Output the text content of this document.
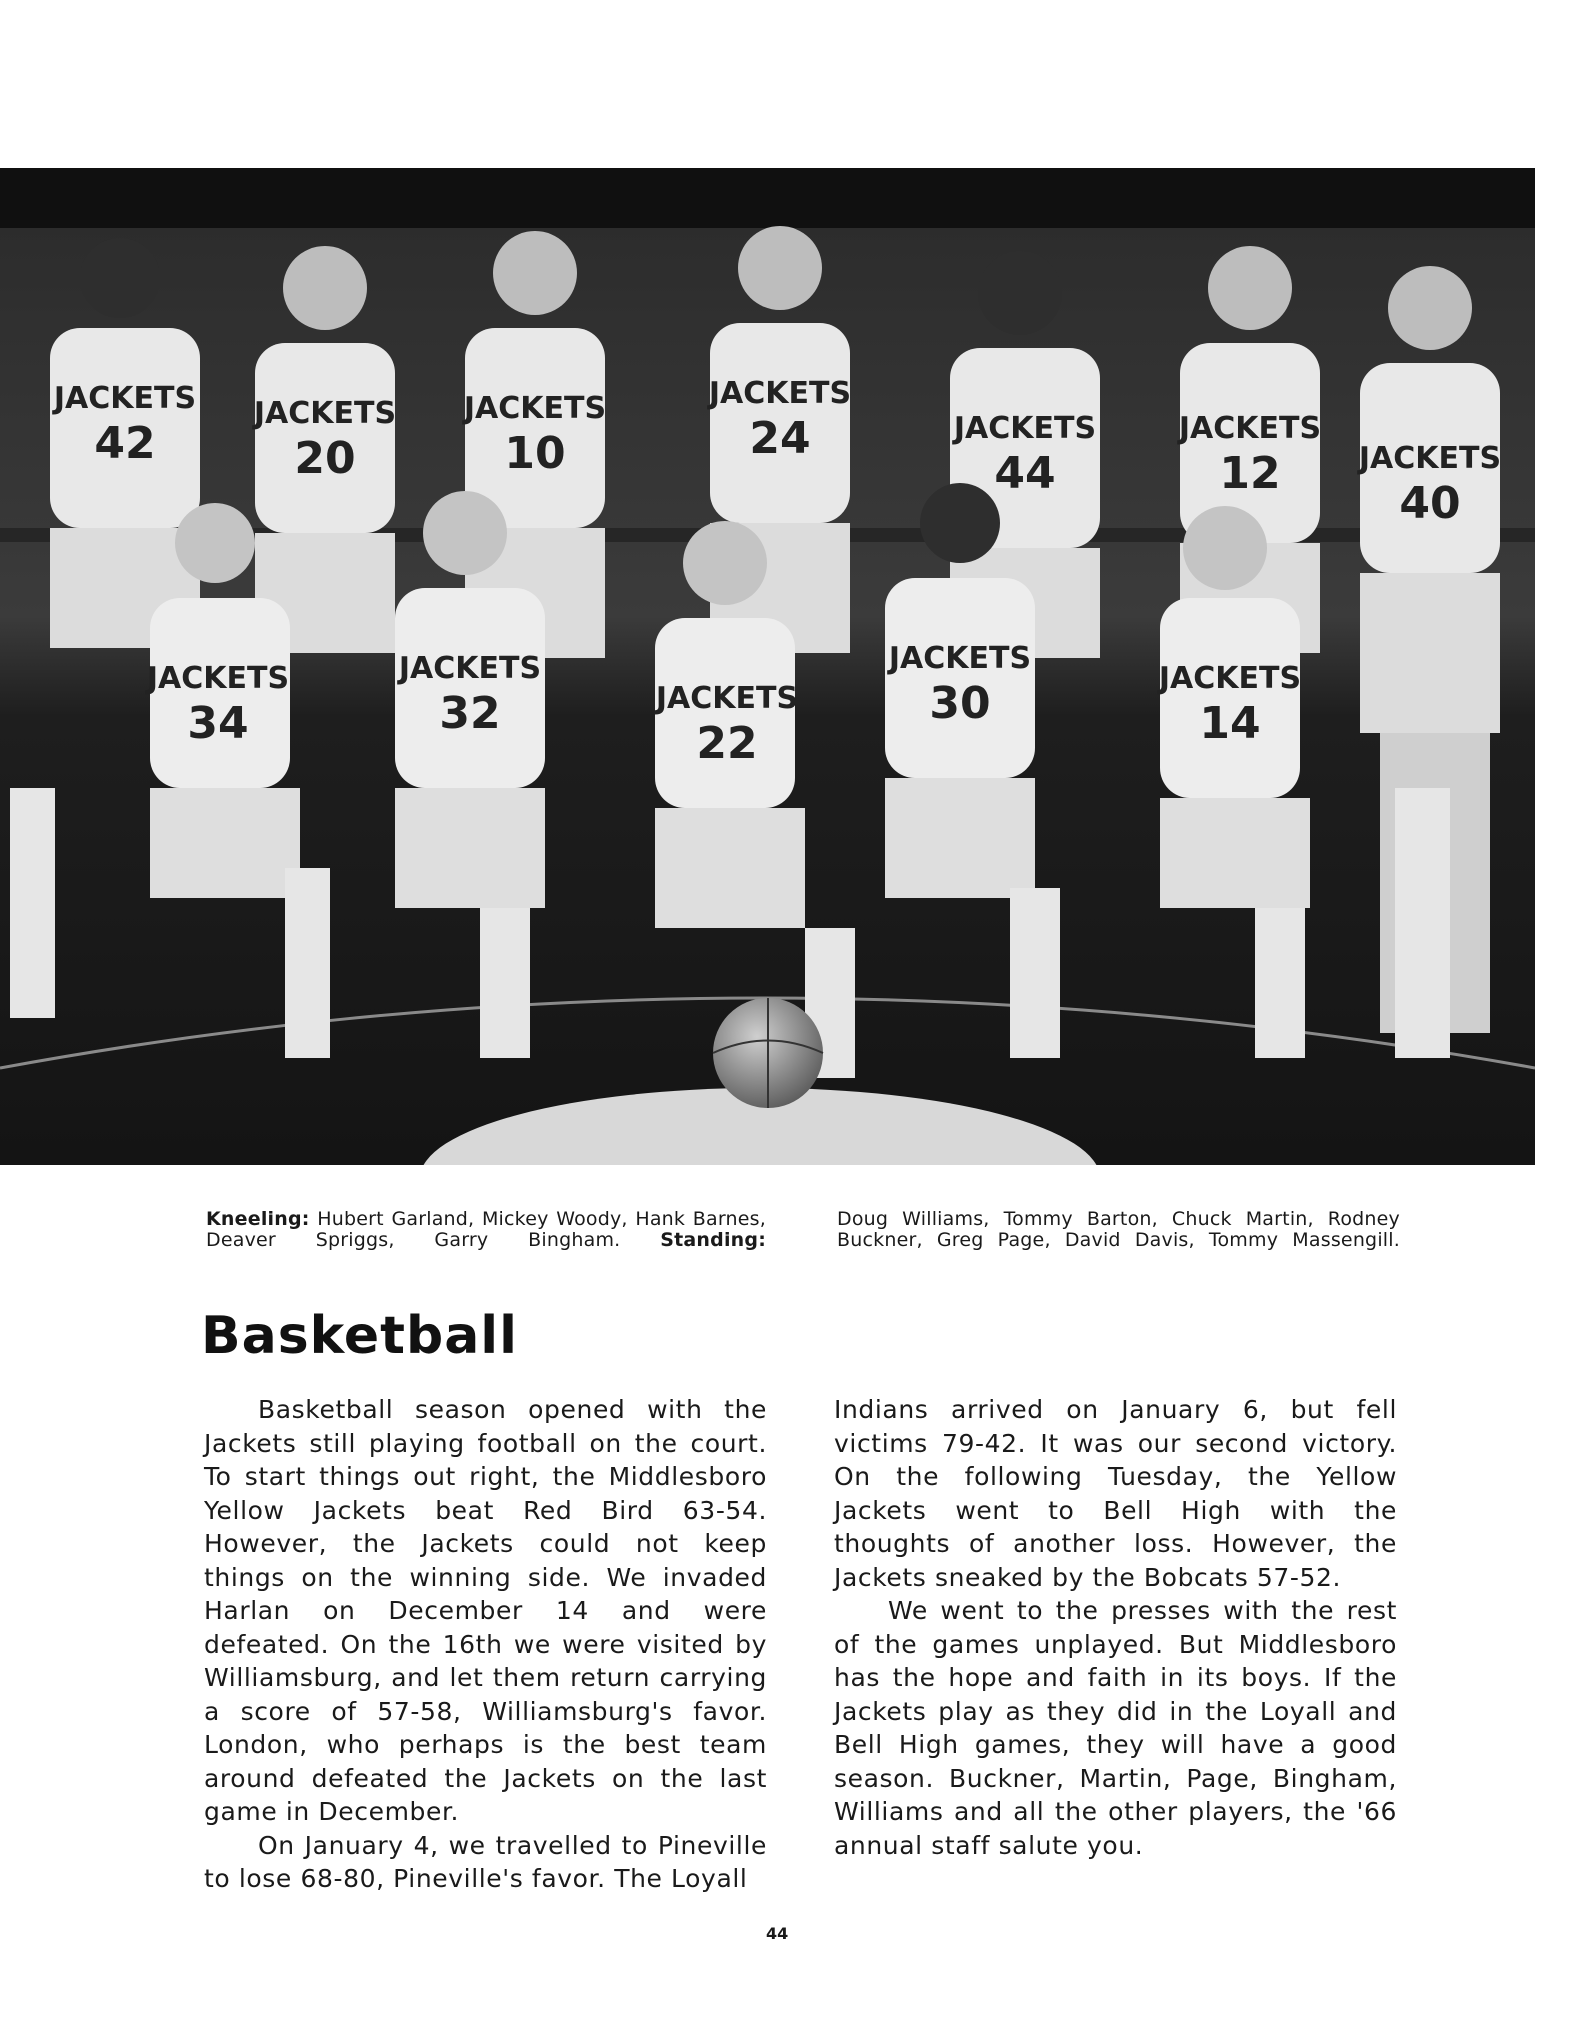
JACKETS
42
JACKETS
20
JACKETS
10
JACKETS
24	JACKETS
44
JACKETS
12	JACKETS
40
JACKETS
34
JACKETS
32	JACKETS
22
JACKETS
30	JACKETS
14
Kneeling: Hubert Garland, Mickey Woody, Hank Barnes, Deaver Spriggs, Garry Bingham. Standing:
Doug Williams, Tommy Barton, Chuck Martin, Rodney Buckner, Greg Page, David Davis, Tommy Massengill.
Basketball

Basketball season opened with the Jackets still playing football on the court. To start things out right, the Middlesboro Yellow Jackets beat Red Bird 63-54. However, the Jackets could not keep things on the winning side. We invaded Harlan on December 14 and were defeated. On the 16th we were visited by Williamsburg, and let them return carrying a score of 57-58, Williamsburg's favor. London, who perhaps is the best team around defeated the Jackets on the last game in December.

On January 4, we travelled to Pineville to lose 68-80, Pineville's favor. The Loyall

Indians arrived on January 6, but fell victims 79-42. It was our second victory. On the following Tuesday, the Yellow Jackets went to Bell High with the thoughts of another loss. However, the Jackets sneaked by the Bobcats 57-52.

We went to the presses with the rest of the games unplayed. But Middlesboro has the hope and faith in its boys. If the Jackets play as they did in the Loyall and Bell High games, they will have a good season. Buckner, Martin, Page, Bingham, Williams and all the other players, the '66 annual staff salute you.

44
